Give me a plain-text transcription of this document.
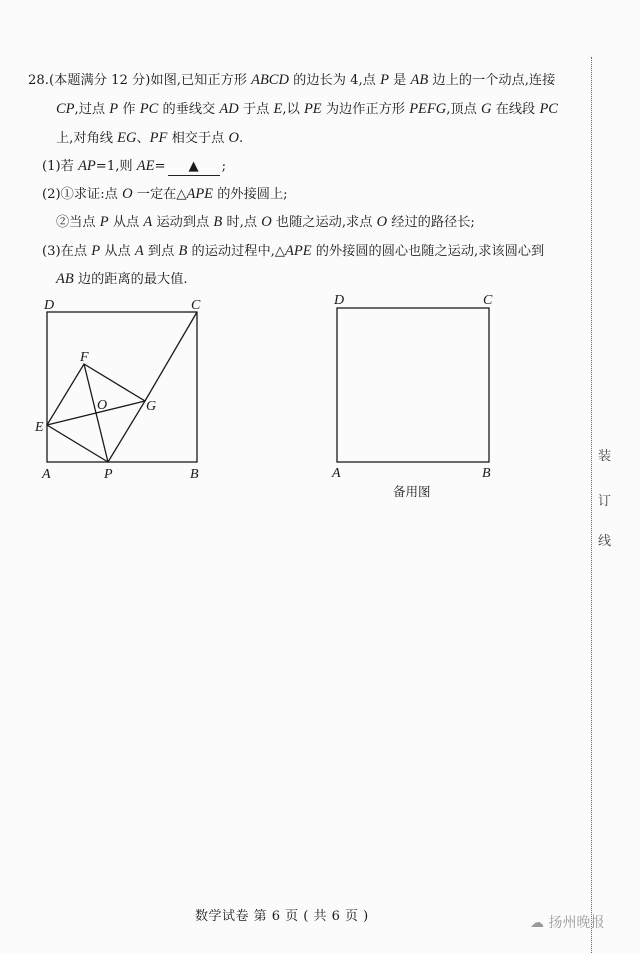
28.(本题满分 12 分)如图,已知正方形 ABCD 的边长为 4,点 P 是 AB 边上的一个动点,连接
CP,过点 P 作 PC 的垂线交 AD 于点 E,以 PE 为边作正方形 PEFG,顶点 G 在线段 PC
上,对角线 EG、PF 相交于点 O.
(1)若 AP=1,则 AE= ▲ ;
(2)①求证:点 O 一定在△APE 的外接圆上;
②当点 P 从点 A 运动到点 B 时,点 O 也随之运动,求点 O 经过的路径长;
(3)在点 P 从点 A 到点 B 的运动过程中,△APE 的外接圆的圆心也随之运动,求该圆心到
AB 边的距离的最大值.
D	C
F
O	G
E
A	P	B
D	C
A	B
备用图
装
订
线
数学试卷 第 6 页 ( 共 6 页 )	☁ 扬州晚报
